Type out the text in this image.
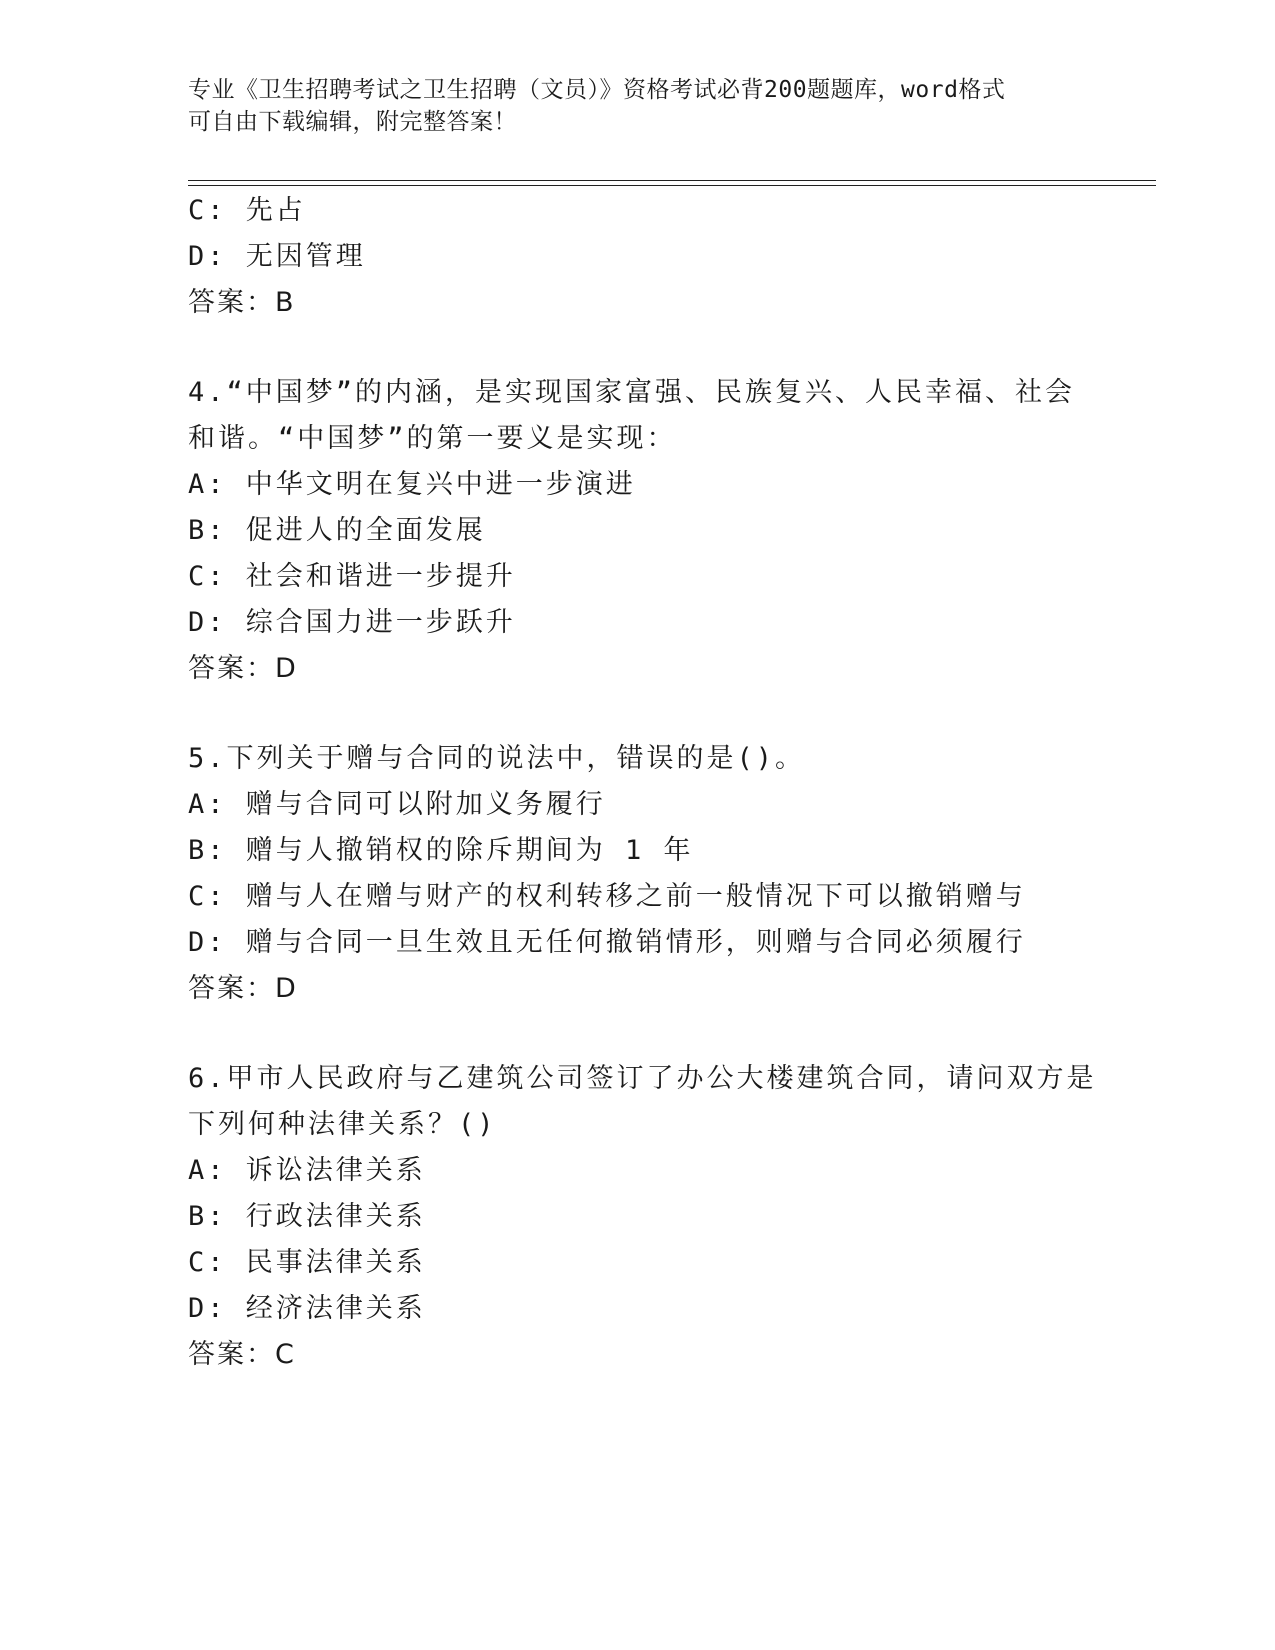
专业《卫生招聘考试之卫生招聘（文员）》资格考试必背200题题库，word格式
可自由下载编辑，附完整答案！
C: 先占
D: 无因管理
答案：B
4.“中国梦”的内涵，是实现国家富强、民族复兴、人民幸福、社会
和谐。“中国梦”的第一要义是实现：
A: 中华文明在复兴中进一步演进
B: 促进人的全面发展
C: 社会和谐进一步提升
D: 综合国力进一步跃升
答案：D
5.下列关于赠与合同的说法中，错误的是()。
A: 赠与合同可以附加义务履行
B: 赠与人撤销权的除斥期间为 1 年
C: 赠与人在赠与财产的权利转移之前一般情况下可以撤销赠与
D: 赠与合同一旦生效且无任何撤销情形，则赠与合同必须履行
答案：D
6.甲市人民政府与乙建筑公司签订了办公大楼建筑合同，请问双方是
下列何种法律关系？()
A: 诉讼法律关系
B: 行政法律关系
C: 民事法律关系
D: 经济法律关系
答案：C
